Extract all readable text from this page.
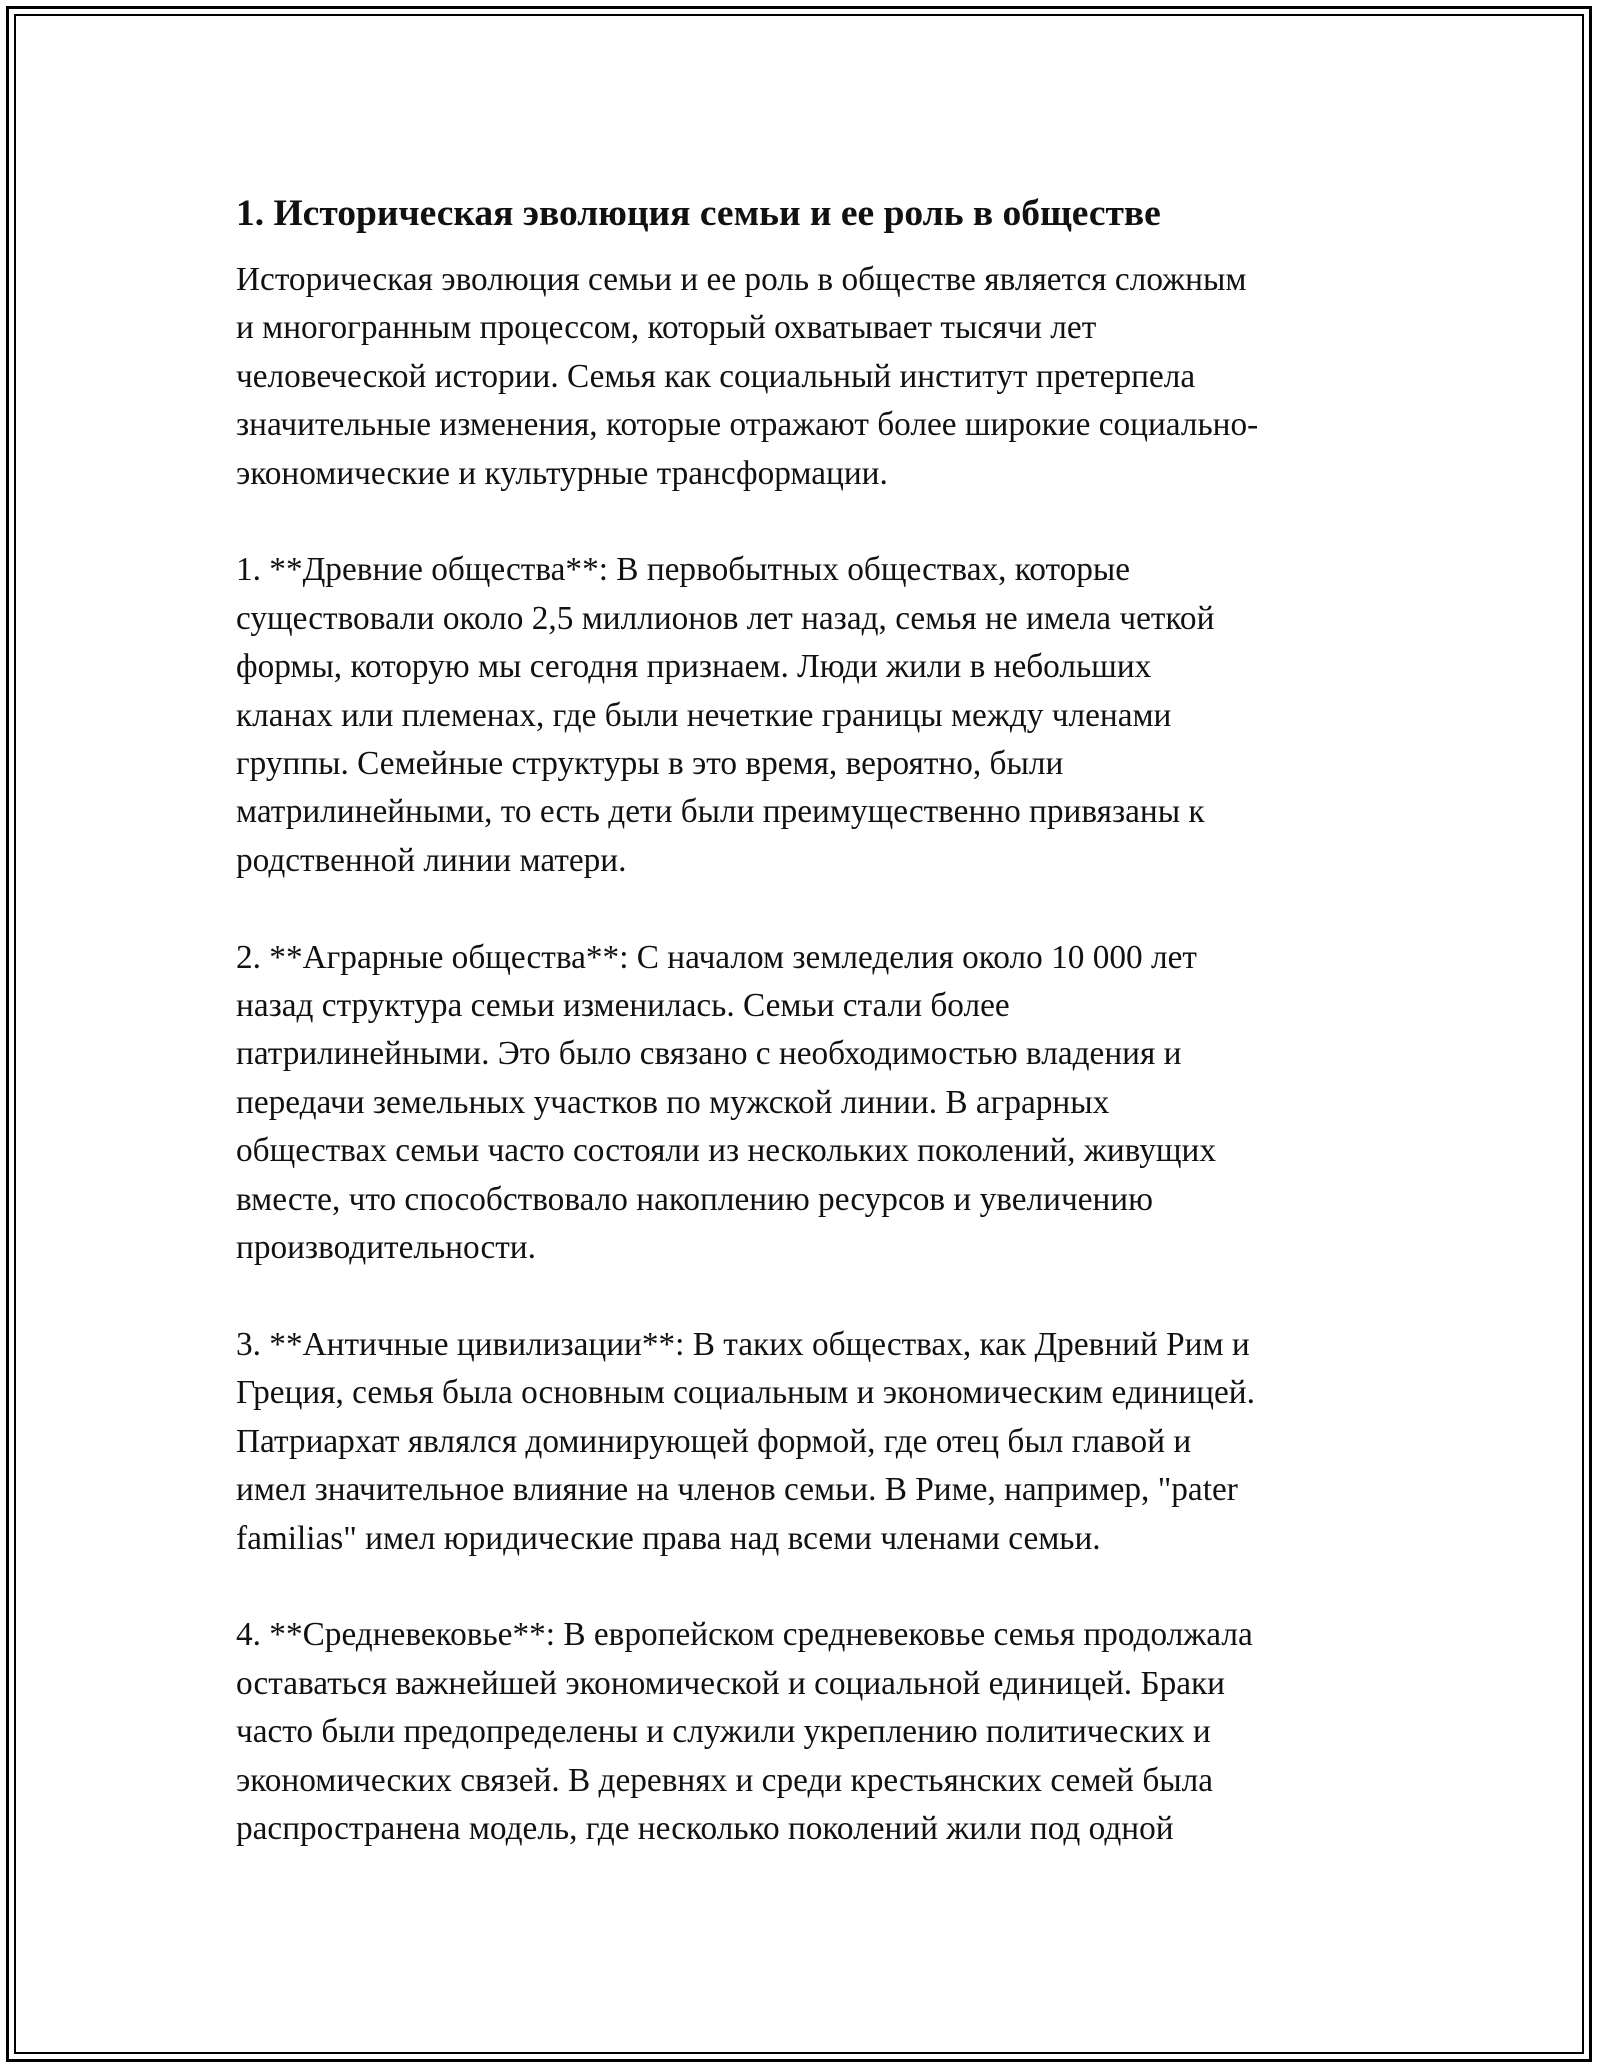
1. Историческая эволюция семьи и ее роль в обществе
Историческая эволюция семьи и ее роль в обществе является сложным
и многогранным процессом, который охватывает тысячи лет
человеческой истории. Семья как социальный институт претерпела
значительные изменения, которые отражают более широкие социально-
экономические и культурные трансформации.
1. **Древние общества**: В первобытных обществах, которые
существовали около 2,5 миллионов лет назад, семья не имела четкой
формы, которую мы сегодня признаем. Люди жили в небольших
кланах или племенах, где были нечеткие границы между членами
группы. Семейные структуры в это время, вероятно, были
матрилинейными, то есть дети были преимущественно привязаны к
родственной линии матери.
2. **Аграрные общества**: С началом земледелия около 10 000 лет
назад структура семьи изменилась. Семьи стали более
патрилинейными. Это было связано с необходимостью владения и
передачи земельных участков по мужской линии. В аграрных
обществах семьи часто состояли из нескольких поколений, живущих
вместе, что способствовало накоплению ресурсов и увеличению
производительности.
3. **Античные цивилизации**: В таких обществах, как Древний Рим и
Греция, семья была основным социальным и экономическим единицей.
Патриархат являлся доминирующей формой, где отец был главой и
имел значительное влияние на членов семьи. В Риме, например, "pater
familias" имел юридические права над всеми членами семьи.
4. **Средневековье**: В европейском средневековье семья продолжала
оставаться важнейшей экономической и социальной единицей. Браки
часто были предопределены и служили укреплению политических и
экономических связей. В деревнях и среди крестьянских семей была
распространена модель, где несколько поколений жили под одной
